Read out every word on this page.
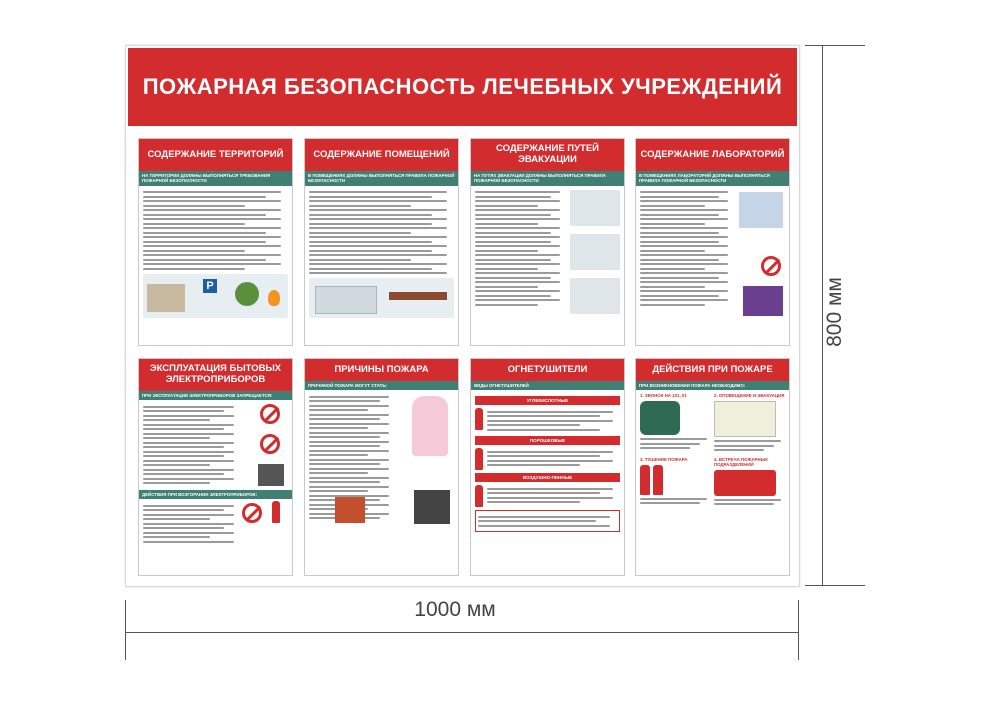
ПОЖАРНАЯ БЕЗОПАСНОСТЬ ЛЕЧЕБНЫХ УЧРЕЖДЕНИЙ
СОДЕРЖАНИЕ ТЕРРИТОРИЙ
НА ТЕРРИТОРИИ ДОЛЖНЫ ВЫПОЛНЯТЬСЯ ТРЕБОВАНИЯ ПОЖАРНОЙ БЕЗОПАСНОСТИ
P
СОДЕРЖАНИЕ ПОМЕЩЕНИЙ
В ПОМЕЩЕНИЯХ ДОЛЖНЫ ВЫПОЛНЯТЬСЯ ПРАВИЛА ПОЖАРНОЙ БЕЗОПАСНОСТИ
СОДЕРЖАНИЕ ПУТЕЙ ЭВАКУАЦИИ
НА ПУТЯХ ЭВАКУАЦИИ ДОЛЖНЫ ВЫПОЛНЯТЬСЯ ПРАВИЛА ПОЖАРНОЙ БЕЗОПАСНОСТИ
СОДЕРЖАНИЕ ЛАБОРАТОРИЙ
В ПОМЕЩЕНИЯХ ЛАБОРАТОРИЙ ДОЛЖНЫ ВЫПОЛНЯТЬСЯ ПРАВИЛА ПОЖАРНОЙ БЕЗОПАСНОСТИ
ЭКСПЛУАТАЦИЯ БЫТОВЫХ ЭЛЕКТРОПРИБОРОВ
ПРИ ЭКСПЛУАТАЦИИ ЭЛЕКТРОПРИБОРОВ ЗАПРЕЩАЕТСЯ:
ДЕЙСТВИЯ ПРИ ВОЗГОРАНИИ ЭЛЕКТРОПРИБОРОВ:
ПРИЧИНЫ ПОЖАРА
ПРИЧИНОЙ ПОЖАРА МОГУТ СТАТЬ:
ОГНЕТУШИТЕЛИ
ВИДЫ ОГНЕТУШИТЕЛЕЙ
УГЛЕКИСЛОТНЫЕ
ПОРОШКОВЫЕ
ВОЗДУШНО-ПЕННЫЕ
ДЕЙСТВИЯ ПРИ ПОЖАРЕ
ПРИ ВОЗНИКНОВЕНИИ ПОЖАРА НЕОБХОДИМО:
1. ЗВОНОК НА 101, 01	2. ОПОВЕЩЕНИЕ И ЭВАКУАЦИЯ
3. ТУШЕНИЕ ПОЖАРА	4. ВСТРЕЧА ПОЖАРНЫХ ПОДРАЗДЕЛЕНИЙ
1000 мм
800 мм
